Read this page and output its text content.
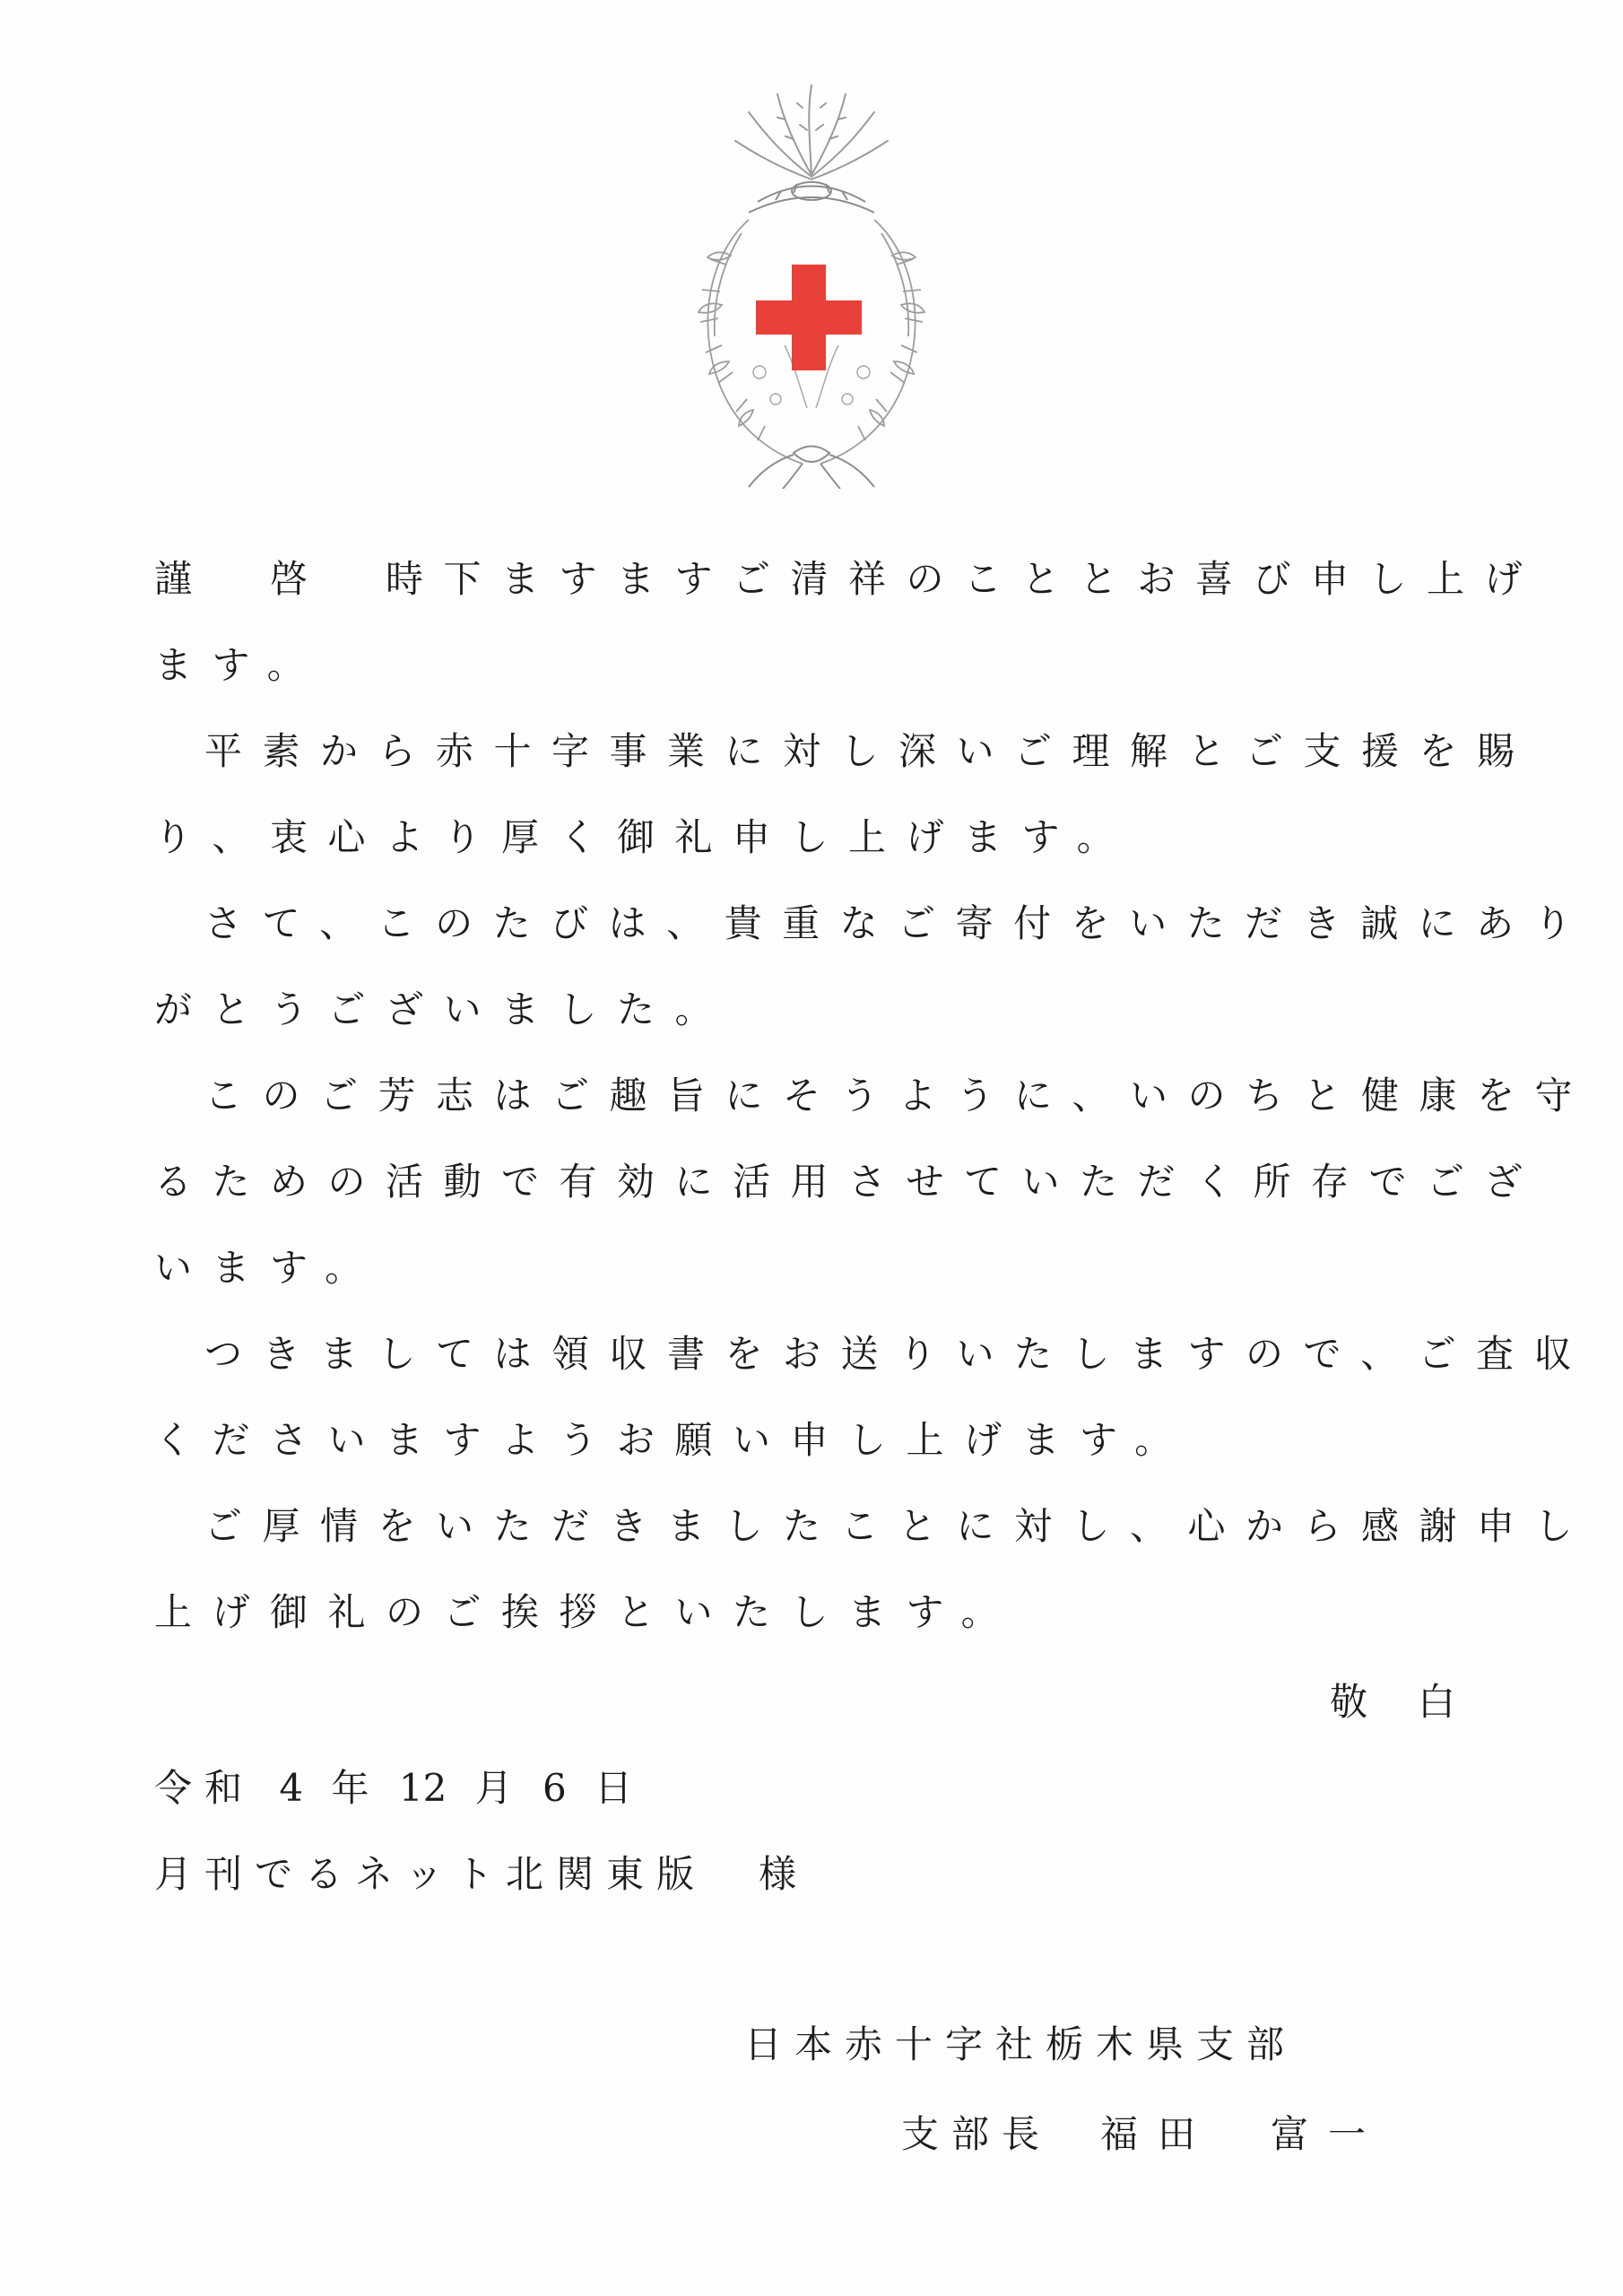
謹　啓　時下ますますご清祥のこととお喜び申し上げ
ます。
平素から赤十字事業に対し深いご理解とご支援を賜
り、衷心より厚く御礼申し上げます。
さて、このたびは、貴重なご寄付をいただき誠にあり
がとうございました。
このご芳志はご趣旨にそうように、いのちと健康を守
るための活動で有効に活用させていただく所存でござ
います。
つきましては領収書をお送りいたしますので、ご査収
くださいますようお願い申し上げます。
ご厚情をいただきましたことに対し、心から感謝申し
上げ御礼のご挨拶といたします。
敬白
令和 4 年 12 月 6 日
月刊でるネット北関東版 様
日本赤十字社栃木県支部
支部長 福田 富一
